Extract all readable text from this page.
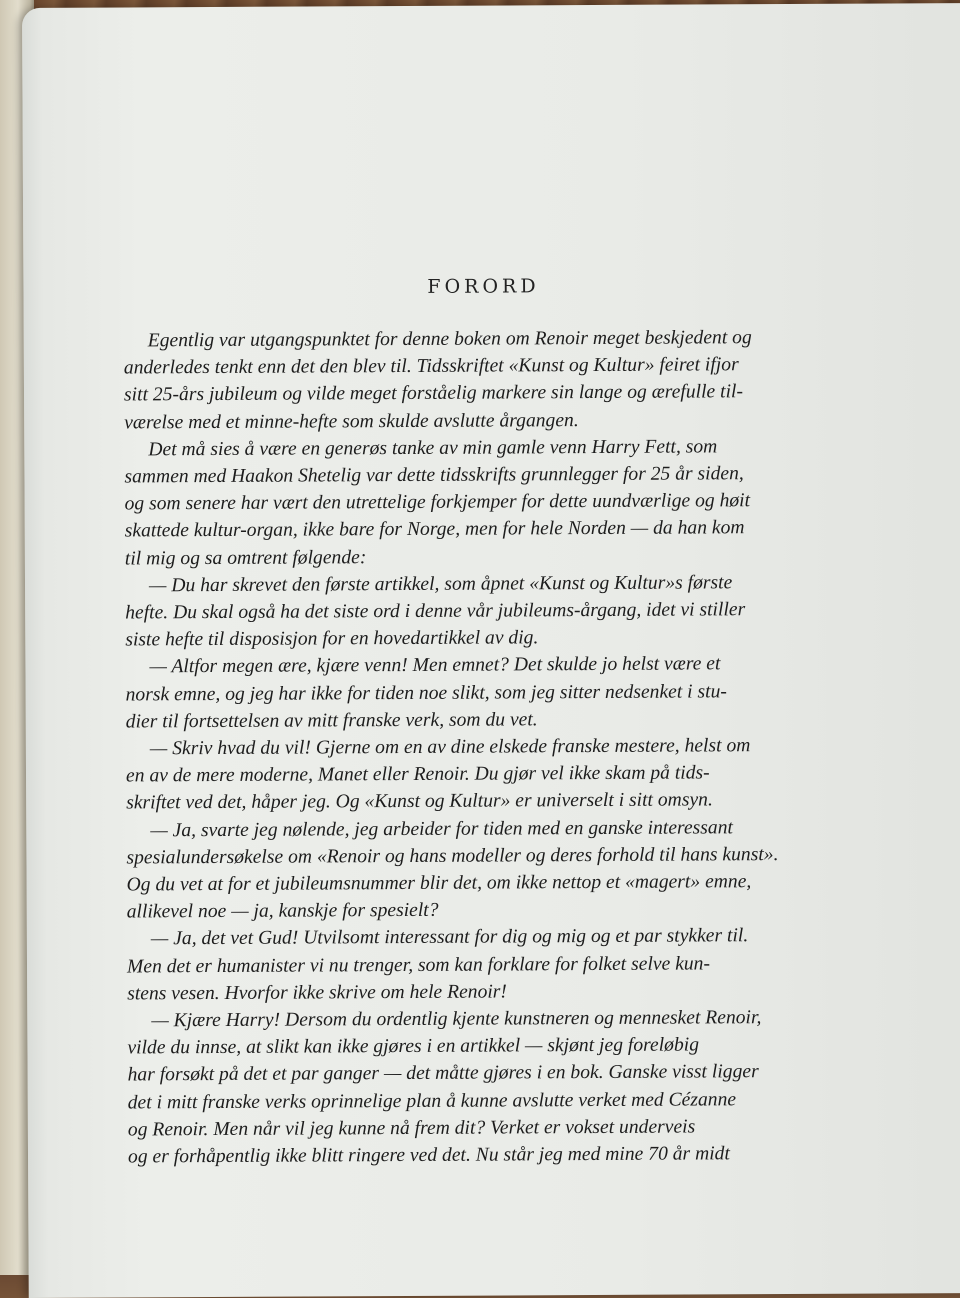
FORORD
Egentlig var utgangspunktet for denne boken om Renoir meget beskjedent og
anderledes tenkt enn det den blev til. Tidsskriftet «Kunst og Kultur» feiret ifjor
sitt 25-års jubileum og vilde meget forståelig markere sin lange og ærefulle til-
værelse med et minne-hefte som skulde avslutte årgangen.
Det må sies å være en generøs tanke av min gamle venn Harry Fett, som
sammen med Haakon Shetelig var dette tidsskrifts grunnlegger for 25 år siden,
og som senere har vært den utrettelige forkjemper for dette uundværlige og høit
skattede kultur-organ, ikke bare for Norge, men for hele Norden — da han kom
til mig og sa omtrent følgende:
— Du har skrevet den første artikkel, som åpnet «Kunst og Kultur»s første
hefte. Du skal også ha det siste ord i denne vår jubileums-årgang, idet vi stiller
siste hefte til disposisjon for en hovedartikkel av dig.
— Altfor megen ære, kjære venn! Men emnet? Det skulde jo helst være et
norsk emne, og jeg har ikke for tiden noe slikt, som jeg sitter nedsenket i stu-
dier til fortsettelsen av mitt franske verk, som du vet.
— Skriv hvad du vil! Gjerne om en av dine elskede franske mestere, helst om
en av de mere moderne, Manet eller Renoir. Du gjør vel ikke skam på tids-
skriftet ved det, håper jeg. Og «Kunst og Kultur» er universelt i sitt omsyn.
— Ja, svarte jeg nølende, jeg arbeider for tiden med en ganske interessant
spesialundersøkelse om «Renoir og hans modeller og deres forhold til hans kunst».
Og du vet at for et jubileumsnummer blir det, om ikke nettop et «magert» emne,
allikevel noe — ja, kanskje for spesielt?
— Ja, det vet Gud! Utvilsomt interessant for dig og mig og et par stykker til.
Men det er humanister vi nu trenger, som kan forklare for folket selve kun-
stens vesen. Hvorfor ikke skrive om hele Renoir!
— Kjære Harry! Dersom du ordentlig kjente kunstneren og mennesket Renoir,
vilde du innse, at slikt kan ikke gjøres i en artikkel — skjønt jeg foreløbig
har forsøkt på det et par ganger — det måtte gjøres i en bok. Ganske visst ligger
det i mitt franske verks oprinnelige plan å kunne avslutte verket med Cézanne
og Renoir. Men når vil jeg kunne nå frem dit? Verket er vokset underveis
og er forhåpentlig ikke blitt ringere ved det. Nu står jeg med mine 70 år midt
